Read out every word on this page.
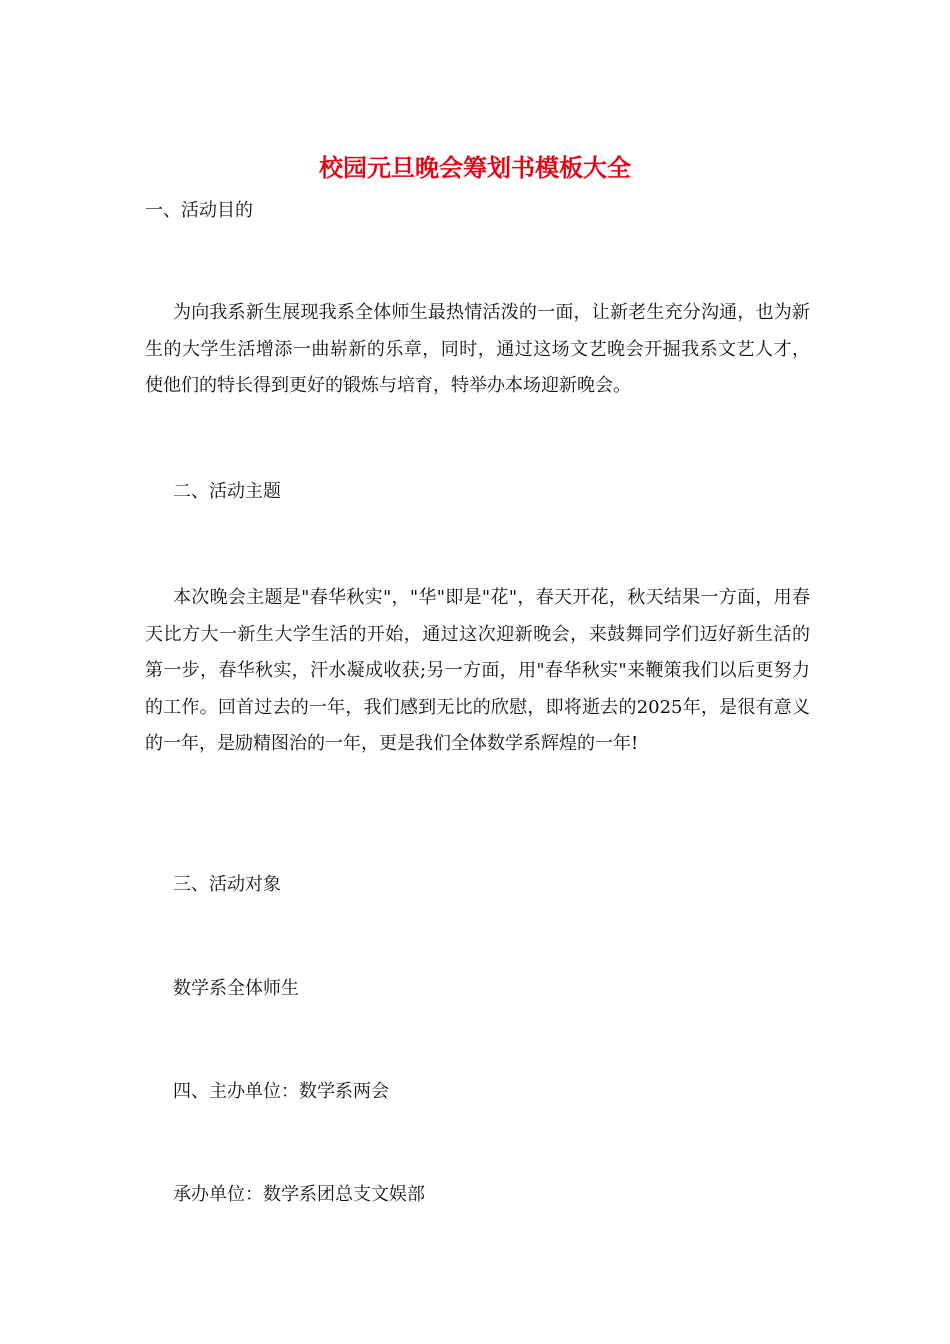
校园元旦晚会筹划书模板大全
一、活动目的
为向我系新生展现我系全体师生最热情活泼的一面，让新老生充分沟通，也为新生的大学生活增添一曲崭新的乐章，同时，通过这场文艺晚会开掘我系文艺人才，使他们的特长得到更好的锻炼与培育，特举办本场迎新晚会。
二、活动主题
本次晚会主题是"春华秋实"，"华"即是"花"，春天开花，秋天结果一方面，用春天比方大一新生大学生活的开始，通过这次迎新晚会，来鼓舞同学们迈好新生活的第一步，春华秋实，汗水凝成收获;另一方面，用"春华秋实"来鞭策我们以后更努力的工作。回首过去的一年，我们感到无比的欣慰，即将逝去的2025年，是很有意义的一年，是励精图治的一年，更是我们全体数学系辉煌的一年!
三、活动对象
数学系全体师生
四、主办单位：数学系两会
承办单位：数学系团总支文娱部
